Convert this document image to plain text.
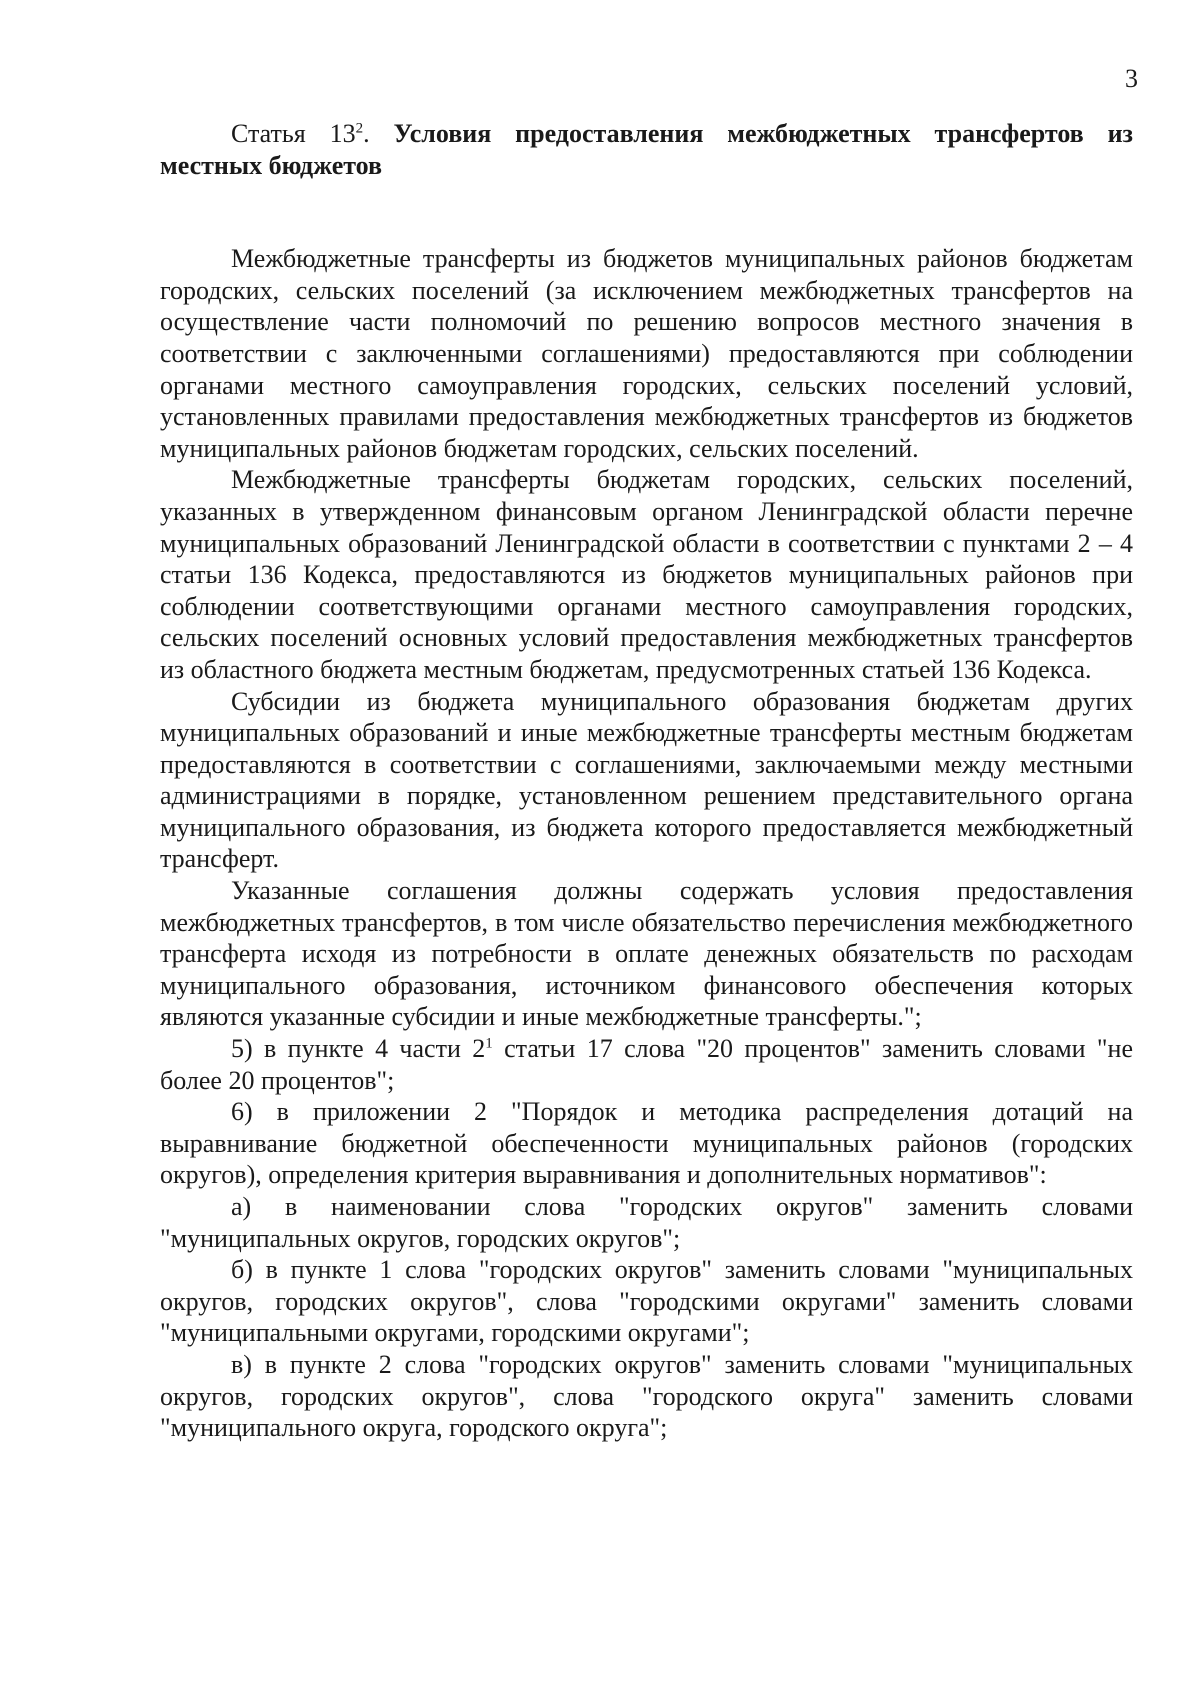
3

Статья $13^2$. Условия предоставления межбюджетных трансфертов из местных бюджетов

Межбюджетные трансферты из бюджетов муниципальных районов бюджетам городских, сельских поселений (за исключением межбюджетных трансфертов на осуществление части полномочий по решению вопросов местного значения в соответствии с заключенными соглашениями) предоставляются при соблюдении органами местного самоуправления городских, сельских поселений условий, установленных правилами предоставления межбюджетных трансфертов из бюджетов муниципальных районов бюджетам городских, сельских поселений.

Межбюджетные трансферты бюджетам городских, сельских поселений, указанных в утвержденном финансовым органом Ленинградской области перечне муниципальных образований Ленинградской области в соответствии с пунктами 2 – 4 статьи 136 Кодекса, предоставляются из бюджетов муниципальных районов при соблюдении соответствующими органами местного самоуправления городских, сельских поселений основных условий предоставления межбюджетных трансфертов из областного бюджета местным бюджетам, предусмотренных статьей 136 Кодекса.

Субсидии из бюджета муниципального образования бюджетам других муниципальных образований и иные межбюджетные трансферты местным бюджетам предоставляются в соответствии с соглашениями, заключаемыми между местными администрациями в порядке, установленном решением представительного органа муниципального образования, из бюджета которого предоставляется межбюджетный трансферт.

Указанные соглашения должны содержать условия предоставления межбюджетных трансфертов, в том числе обязательство перечисления межбюджетного трансферта исходя из потребности в оплате денежных обязательств по расходам муниципального образования, источником финансового обеспечения которых являются указанные субсидии и иные межбюджетные трансферты.";

5) в пункте 4 части $2^1$ статьи 17 слова "20 процентов" заменить словами "не более 20 процентов";

6) в приложении 2 "Порядок и методика распределения дотаций на выравнивание бюджетной обеспеченности муниципальных районов (городских округов), определения критерия выравнивания и дополнительных нормативов":

а) в наименовании слова "городских округов" заменить словами "муниципальных округов, городских округов";

б) в пункте 1 слова "городских округов" заменить словами "муниципальных округов, городских округов", слова "городскими округами" заменить словами "муниципальными округами, городскими округами";

в) в пункте 2 слова "городских округов" заменить словами "муниципальных округов, городских округов", слова "городского округа" заменить словами "муниципального округа, городского округа";
